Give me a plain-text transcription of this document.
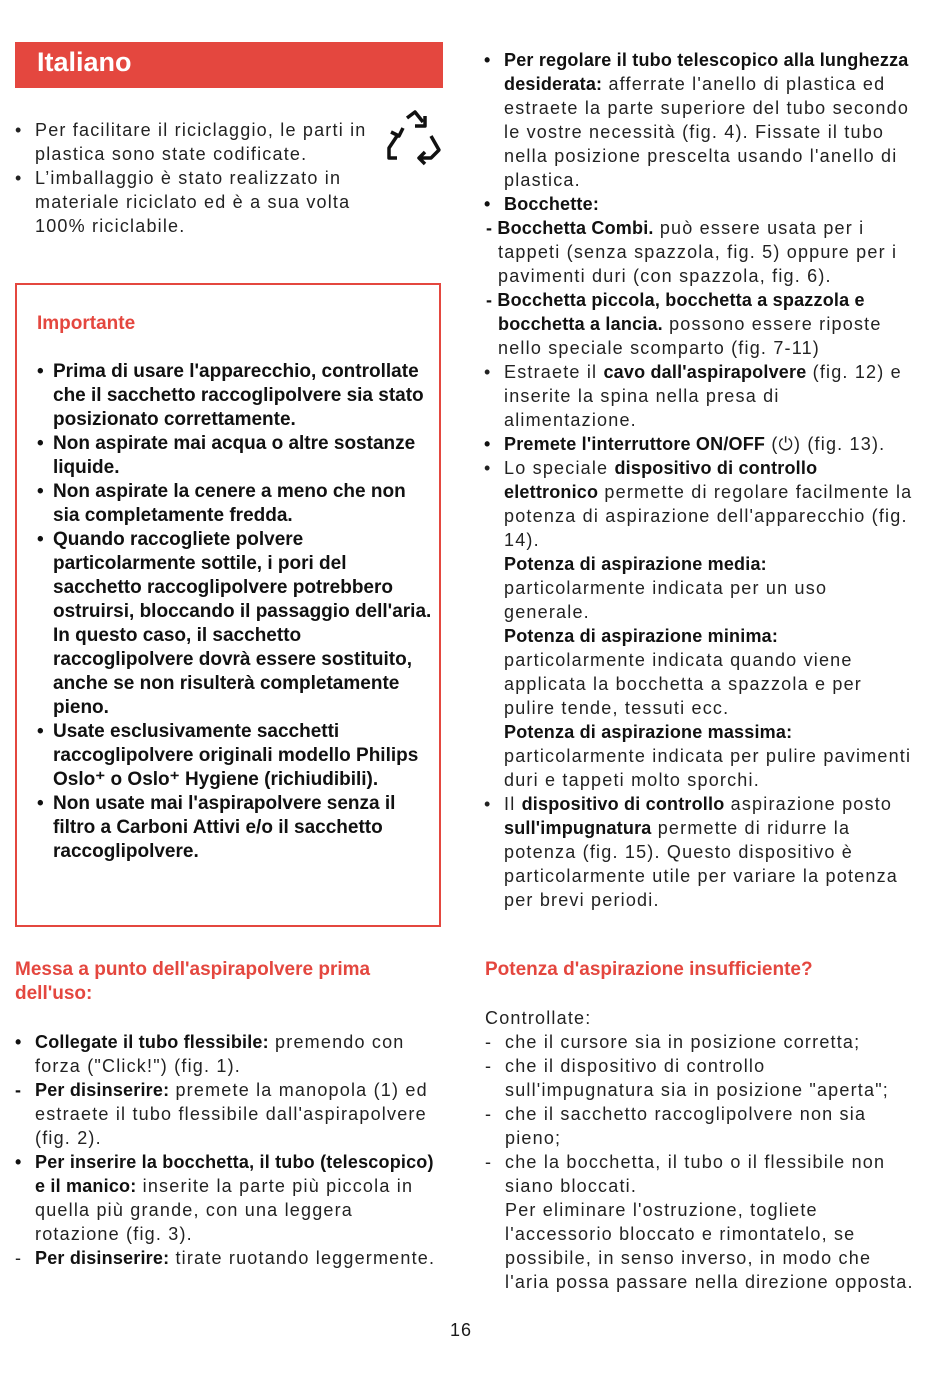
Italiano
• Per facilitare il riciclaggio, le parti in plastica sono state codificate.
• L’imballaggio è stato realizzato in materiale riciclato ed è a sua volta 100% riciclabile.
Importante
• Prima di usare l'apparecchio, controllate che il sacchetto raccoglipolvere sia stato posizionato correttamente.
• Non aspirate mai acqua o altre sostanze liquide.
• Non aspirate la cenere a meno che non sia completamente fredda.
• Quando raccogliete polvere particolarmente sottile, i pori del sacchetto raccoglipolvere potrebbero ostruirsi, bloccando il passaggio dell'aria. In questo caso, il sacchetto raccoglipolvere dovrà essere sostituito, anche se non risulterà completamente pieno.
• Usate esclusivamente sacchetti raccoglipolvere originali modello Philips Oslo⁺ o Oslo⁺ Hygiene (richiudibili).
• Non usate mai l'aspirapolvere senza il filtro a Carboni Attivi e/o il sacchetto raccoglipolvere.
Messa a punto dell'aspirapolvere prima dell'uso:
• Collegate il tubo flessibile: premendo con forza ("Click!") (fig. 1).
- Per disinserire: premete la manopola (1) ed estraete il tubo flessibile dall'aspirapolvere (fig. 2).
• Per inserire la bocchetta, il tubo (telescopico) e il manico: inserite la parte più piccola in quella più grande, con una leggera rotazione (fig. 3).
- Per disinserire: tirate ruotando leggermente.
• Per regolare il tubo telescopico alla lunghezza desiderata: afferrate l'anello di plastica ed estraete la parte superiore del tubo secondo le vostre necessità (fig. 4). Fissate il tubo nella posizione prescelta usando l'anello di plastica.
• Bocchette:
- Bocchetta Combi. può essere usata per i tappeti (senza spazzola, fig. 5) oppure per i pavimenti duri (con spazzola, fig. 6).
- Bocchetta piccola, bocchetta a spazzola e bocchetta a lancia. possono essere riposte nello speciale scomparto (fig. 7-11)
• Estraete il cavo dall'aspirapolvere (fig. 12) e inserite la spina nella presa di alimentazione.
• Premete l'interruttore ON/OFF (⏻) (fig. 13).
• Lo speciale dispositivo di controllo elettronico permette di regolare facilmente la potenza di aspirazione dell'apparecchio (fig. 14).
Potenza di aspirazione media:
particolarmente indicata per un uso generale.
Potenza di aspirazione minima:
particolarmente indicata quando viene applicata la bocchetta a spazzola e per pulire tende, tessuti ecc.
Potenza di aspirazione massima:
particolarmente indicata per pulire pavimenti duri e tappeti molto sporchi.
• Il dispositivo di controllo aspirazione posto sull'impugnatura permette di ridurre la potenza (fig. 15). Questo dispositivo è particolarmente utile per variare la potenza per brevi periodi.
Potenza d'aspirazione insufficiente?
Controllate:
- che il cursore sia in posizione corretta;
- che il dispositivo di controllo sull'impugnatura sia in posizione "aperta";
- che il sacchetto raccoglipolvere non sia pieno;
- che la bocchetta, il tubo o il flessibile non siano bloccati.
Per eliminare l'ostruzione, togliete l'accessorio bloccato e rimontatelo, se possibile, in senso inverso, in modo che l'aria possa passare nella direzione opposta.
16
